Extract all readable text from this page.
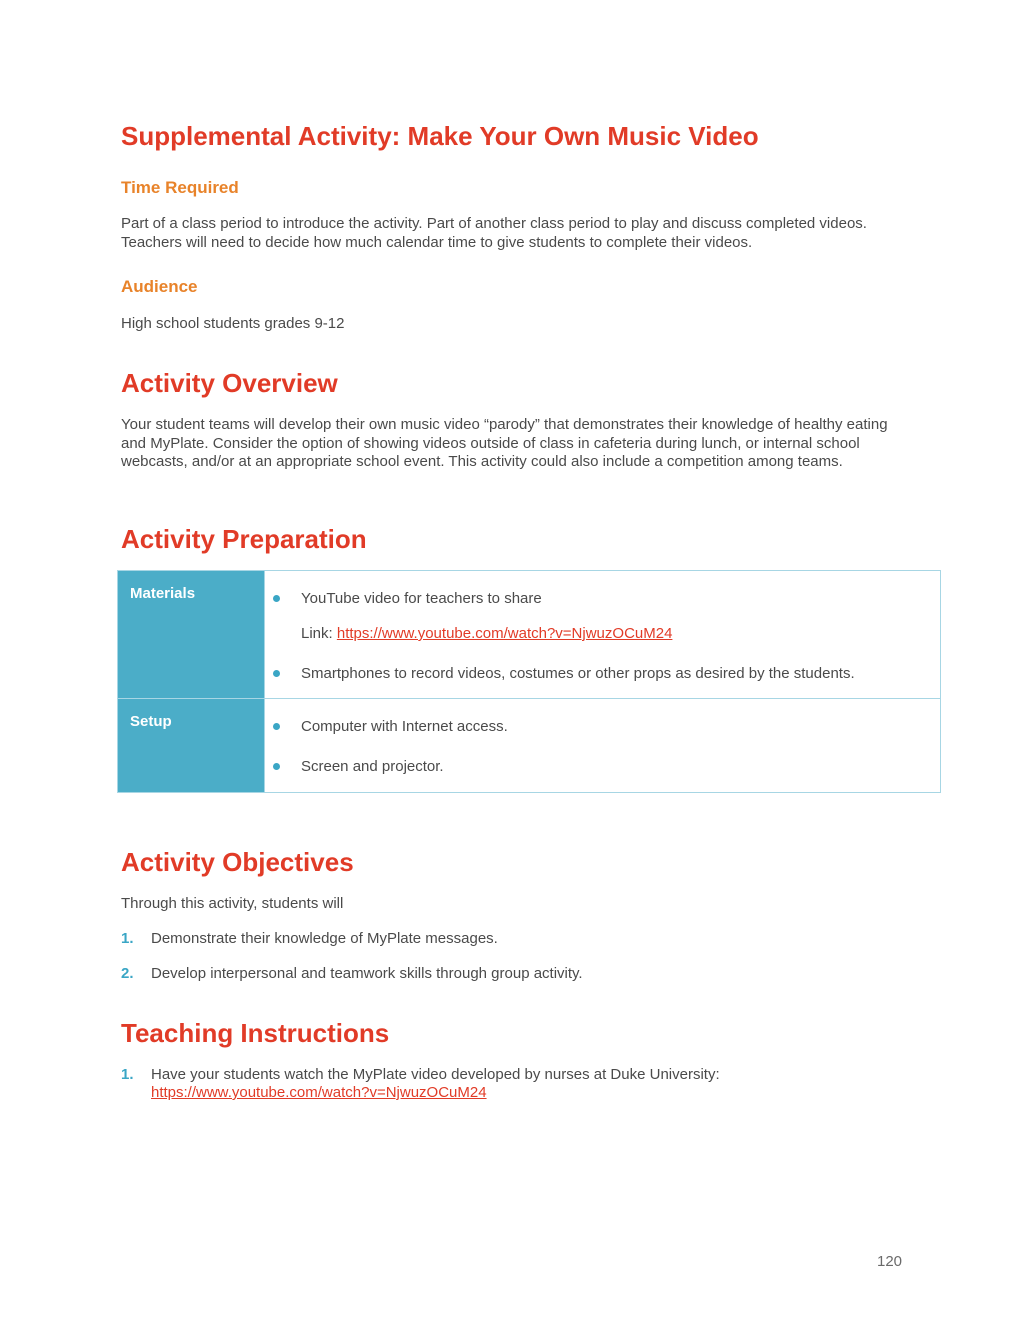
Supplemental Activity: Make Your Own Music Video
Time Required

Part of a class period to introduce the activity. Part of another class period to play and discuss completed videos. Teachers will need to decide how much calendar time to give students to complete their videos.

Audience

High school students grades 9-12

Activity Overview

Your student teams will develop their own music video “parody” that demonstrates their knowledge of healthy eating and MyPlate. Consider the option of showing videos outside of class in cafeteria during lunch, or internal school webcasts, and/or at an appropriate school event. This activity could also include a competition among teams.

Activity Preparation
Materials	YouTube video for teachers to share
Link: https://www.youtube.com/watch?v=NjwuzOCuM24
Smartphones to record videos, costumes or other props as desired by the students.

Setup	Computer with Internet access.
Screen and projector.
Activity Objectives

Through this activity, students will

1. Demonstrate their knowledge of MyPlate messages.

2. Develop interpersonal and teamwork skills through group activity.

Teaching Instructions
1. Have your students watch the MyPlate video developed by nurses at Duke University:

https://www.youtube.com/watch?v=NjwuzOCuM24
120
